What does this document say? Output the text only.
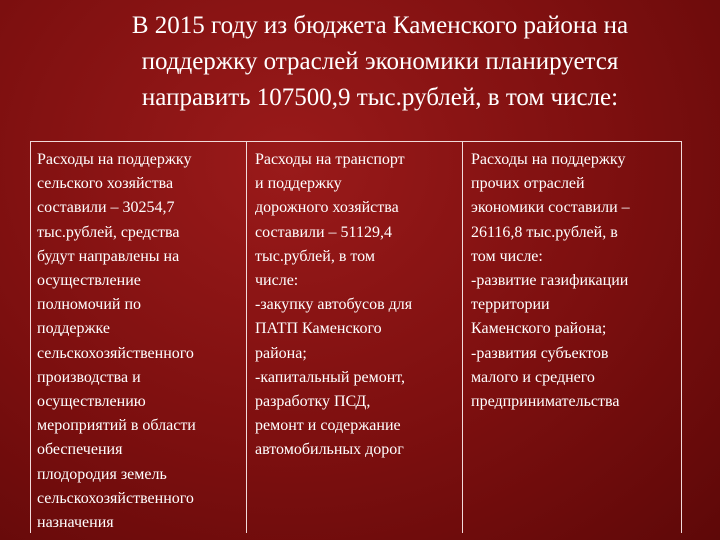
В 2015 году из бюджета Каменского района на
поддержку отраслей экономики планируется
направить 107500,9 тыс.рублей, в том числе:
Расходы на поддержку
сельского хозяйства
составили – 30254,7
тыс.рублей, средства
будут направлены на
осуществление
полномочий по
поддержке
сельскохозяйственного
производства и
осуществлению
мероприятий в области
обеспечения
плодородия земель
сельскохозяйственного
назначения
Расходы на транспорт
и поддержку
дорожного хозяйства
составили – 51129,4
тыс.рублей, в том
числе:
-закупку автобусов для
ПАТП Каменского
района;
-капитальный ремонт,
разработку ПСД,
ремонт и содержание
автомобильных дорог
Расходы на поддержку
прочих отраслей
экономики составили –
26116,8 тыс.рублей, в
том числе:
-развитие газификации
территории
Каменского района;
-развития субъектов
малого и среднего
предпринимательства
